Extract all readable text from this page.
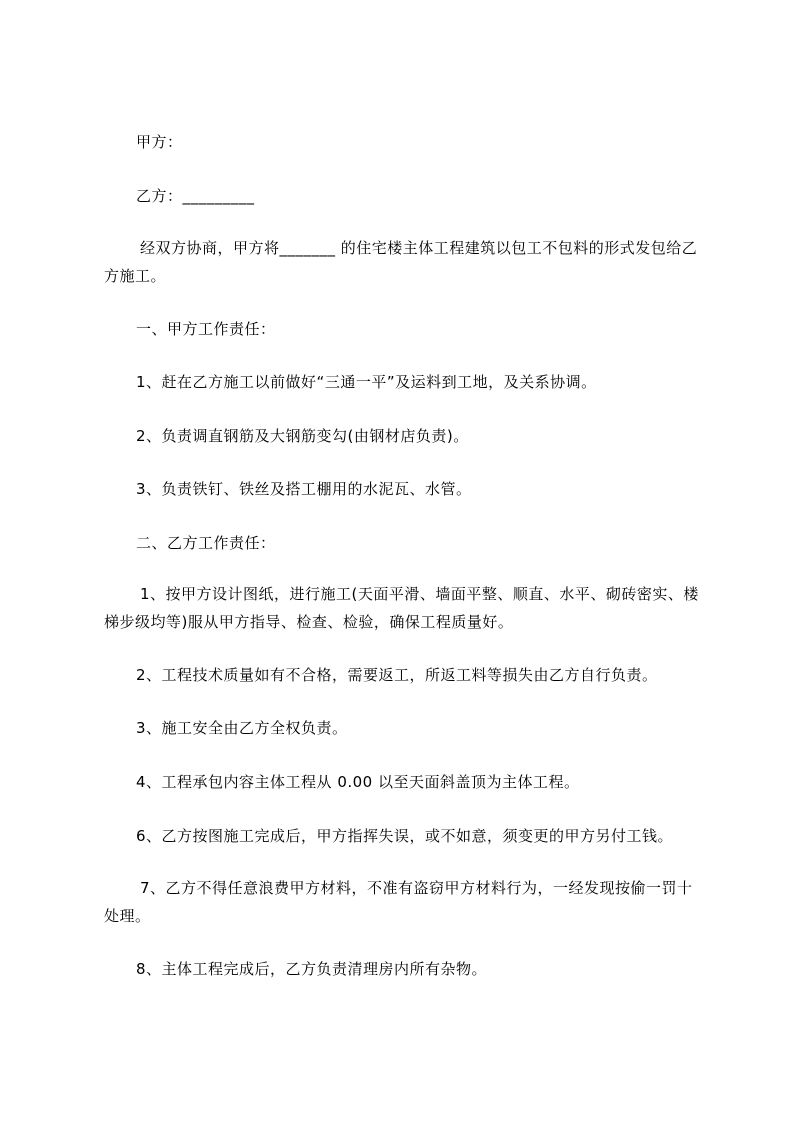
甲方：

乙方：_________

经双方协商，甲方将_______ 的住宅楼主体工程建筑以包工不包料的形式发包给乙方施工。

一、甲方工作责任：

1、赶在乙方施工以前做好“三通一平”及运料到工地，及关系协调。

2、负责调直钢筋及大钢筋变勾(由钢材店负责)。

3、负责铁钉、铁丝及搭工棚用的水泥瓦、水管。

二、乙方工作责任：

1、按甲方设计图纸，进行施工(天面平滑、墙面平整、顺直、水平、砌砖密实、楼梯步级均等)服从甲方指导、检查、检验，确保工程质量好。

2、工程技术质量如有不合格，需要返工，所返工料等损失由乙方自行负责。

3、施工安全由乙方全权负责。

4、工程承包内容主体工程从 0.00 以至天面斜盖顶为主体工程。

6、乙方按图施工完成后，甲方指挥失误，或不如意，须变更的甲方另付工钱。

7、乙方不得任意浪费甲方材料，不准有盗窃甲方材料行为，一经发现按偷一罚十处理。

8、主体工程完成后，乙方负责清理房内所有杂物。
